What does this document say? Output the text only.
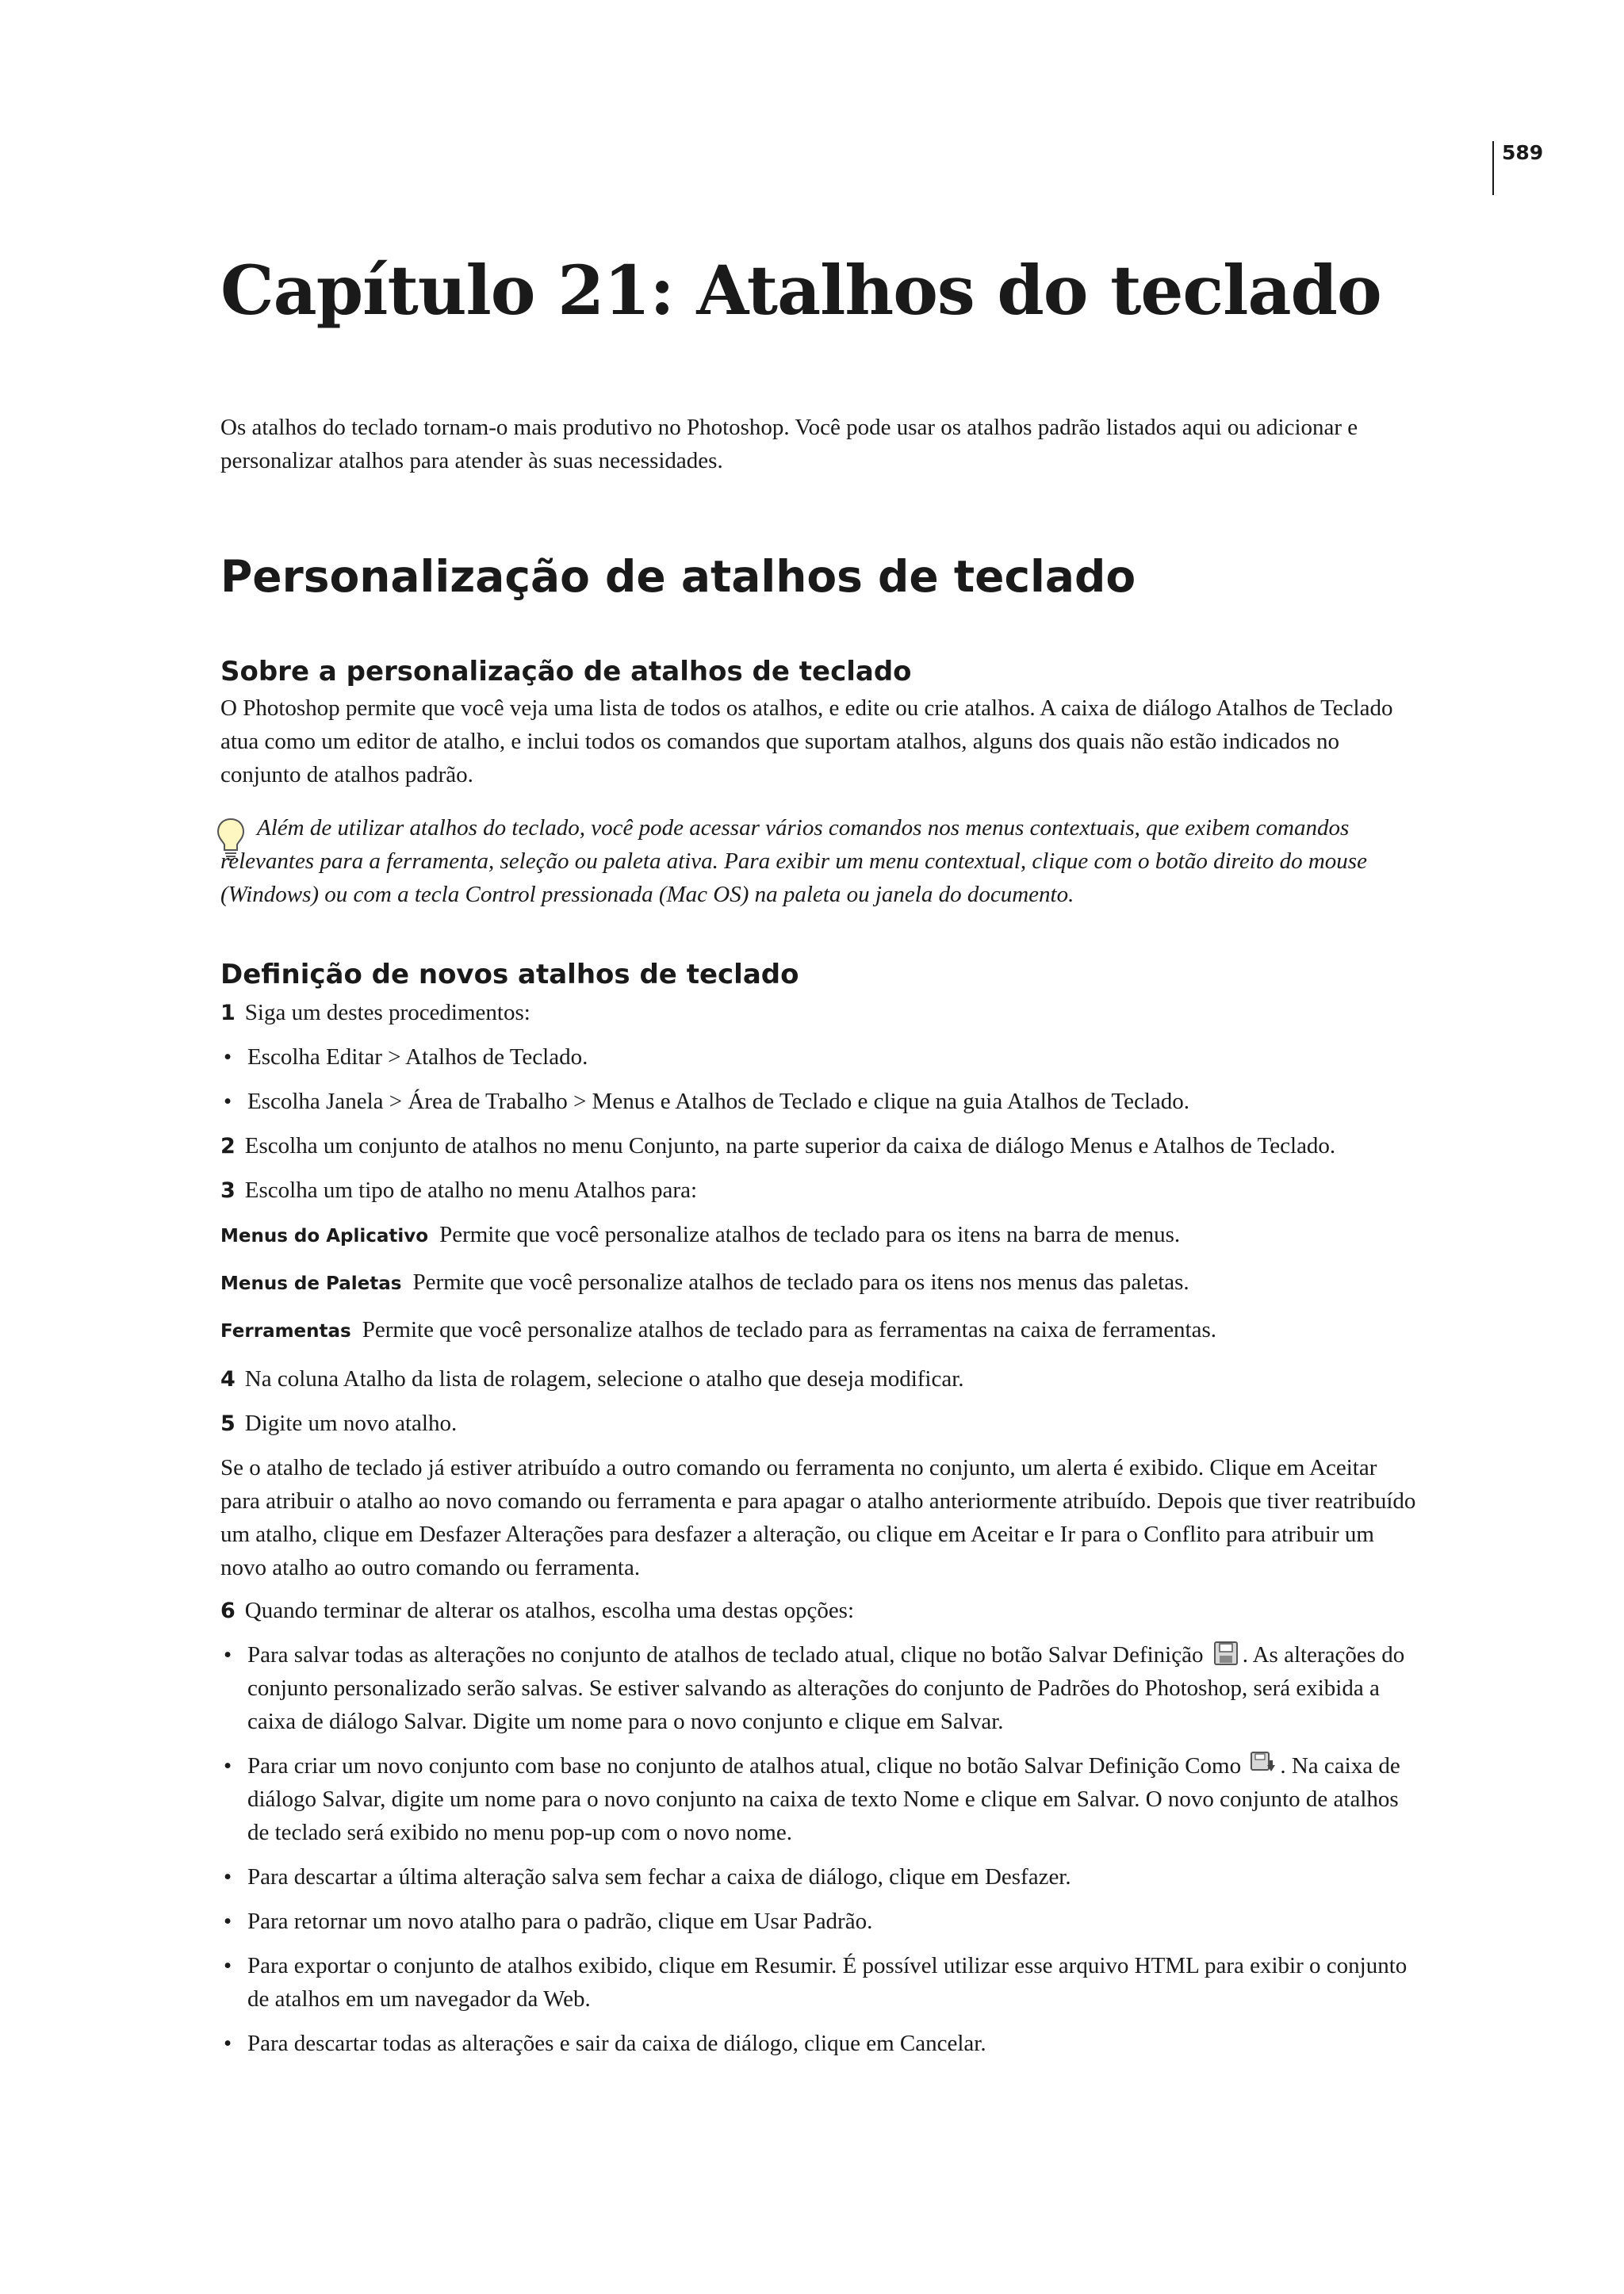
589
Capítulo 21: Atalhos do teclado

Os atalhos do teclado tornam-o mais produtivo no Photoshop. Você pode usar os atalhos padrão listados aqui ou adicionar e personalizar atalhos para atender às suas necessidades.

Personalização de atalhos de teclado
Sobre a personalização de atalhos de teclado

O Photoshop permite que você veja uma lista de todos os atalhos, e edite ou crie atalhos. A caixa de diálogo Atalhos de Teclado atua como um editor de atalho, e inclui todos os comandos que suportam atalhos, alguns dos quais não estão indicados no conjunto de atalhos padrão.

Além de utilizar atalhos do teclado, você pode acessar vários comandos nos menus contextuais, que exibem comandos relevantes para a ferramenta, seleção ou paleta ativa. Para exibir um menu contextual, clique com o botão direito do mouse (Windows) ou com a tecla Control pressionada (Mac OS) na paleta ou janela do documento.

Definição de novos atalhos de teclado
1 Siga um destes procedimentos:
• Escolha Editar > Atalhos de Teclado.
• Escolha Janela > Área de Trabalho > Menus e Atalhos de Teclado e clique na guia Atalhos de Teclado.
2 Escolha um conjunto de atalhos no menu Conjunto, na parte superior da caixa de diálogo Menus e Atalhos de Teclado.
3 Escolha um tipo de atalho no menu Atalhos para:
Menus do Aplicativo Permite que você personalize atalhos de teclado para os itens na barra de menus.
Menus de Paletas Permite que você personalize atalhos de teclado para os itens nos menus das paletas.
Ferramentas Permite que você personalize atalhos de teclado para as ferramentas na caixa de ferramentas.
4 Na coluna Atalho da lista de rolagem, selecione o atalho que deseja modificar.
5 Digite um novo atalho.

Se o atalho de teclado já estiver atribuído a outro comando ou ferramenta no conjunto, um alerta é exibido. Clique em Aceitar para atribuir o atalho ao novo comando ou ferramenta e para apagar o atalho anteriormente atribuído. Depois que tiver reatribuído um atalho, clique em Desfazer Alterações para desfazer a alteração, ou clique em Aceitar e Ir para o Conflito para atribuir um novo atalho ao outro comando ou ferramenta.

6 Quando terminar de alterar os atalhos, escolha uma destas opções:
• Para salvar todas as alterações no conjunto de atalhos de teclado atual, clique no botão Salvar Definição . As alterações do conjunto personalizado serão salvas. Se estiver salvando as alterações do conjunto de Padrões do Photoshop, será exibida a caixa de diálogo Salvar. Digite um nome para o novo conjunto e clique em Salvar.
• Para criar um novo conjunto com base no conjunto de atalhos atual, clique no botão Salvar Definição Como . Na caixa de diálogo Salvar, digite um nome para o novo conjunto na caixa de texto Nome e clique em Salvar. O novo conjunto de atalhos de teclado será exibido no menu pop-up com o novo nome.
• Para descartar a última alteração salva sem fechar a caixa de diálogo, clique em Desfazer.
• Para retornar um novo atalho para o padrão, clique em Usar Padrão.
• Para exportar o conjunto de atalhos exibido, clique em Resumir. É possível utilizar esse arquivo HTML para exibir o conjunto de atalhos em um navegador da Web.
• Para descartar todas as alterações e sair da caixa de diálogo, clique em Cancelar.
